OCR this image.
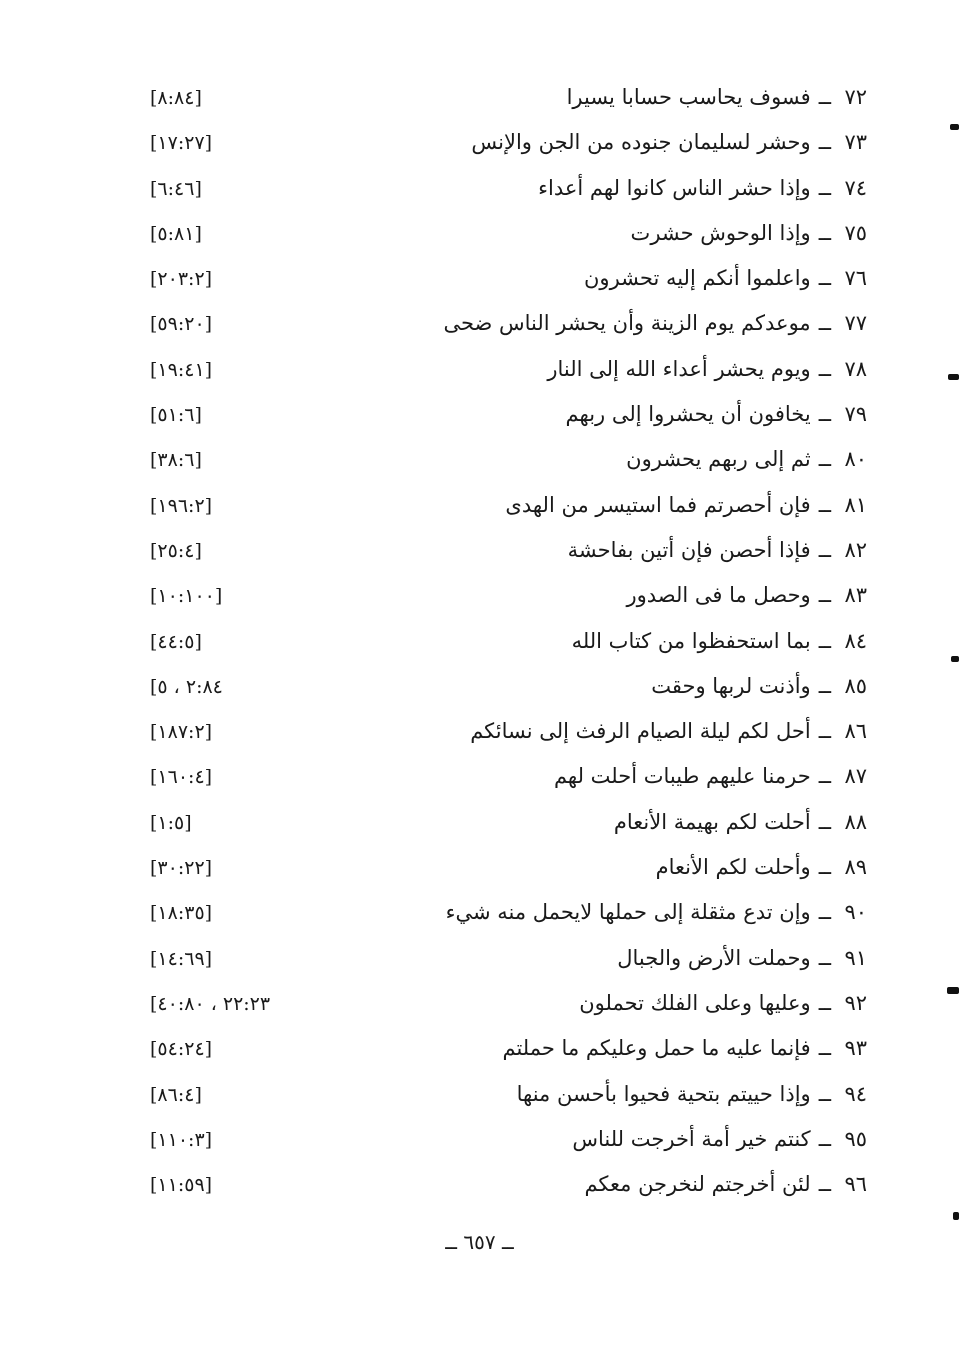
٧٢ــفسوف يحاسب حسابا يسيرا
[٨:٨٤]
٧٣ــوحشر لسليمان جنوده من الجن والإنس
[١٧:٢٧]
٧٤ــوإذا حشر الناس كانوا لهم أعداء
[٦:٤٦]
٧٥ــوإذا الوحوش حشرت
[٥:٨١]
٧٦ــواعلموا أنكم إليه تحشرون
[٢٠٣:٢]
٧٧ــموعدكم يوم الزينة وأن يحشر الناس ضحى
[٥٩:٢٠]
٧٨ــويوم يحشر أعداء الله إلى النار
[١٩:٤١]
٧٩ــيخافون أن يحشروا إلى ربهم
[٥١:٦]
٨٠ــثم إلى ربهم يحشرون
[٣٨:٦]
٨١ــفإن أحصرتم فما استيسر من الهدى
[١٩٦:٢]
٨٢ــفإذا أحصن فإن أتين بفاحشة
[٢٥:٤]
٨٣ــوحصل ما فى الصدور
[١٠:١٠٠]
٨٤ــبما استحفظوا من كتاب الله
[٤٤:٥]
٨٥ــوأذنت لربها وحقت
[٢:٨٤ ، ٥
٨٦ــأحل لكم ليلة الصيام الرفث إلى نسائكم
[١٨٧:٢]
٨٧ــحرمنا عليهم طيبات أحلت لهم
[١٦٠:٤]
٨٨ــأحلت لكم بهيمة الأنعام
[١:٥]
٨٩ــوأحلت لكم الأنعام
[٣٠:٢٢]
٩٠ــوإن تدع مثقلة إلى حملها لايحمل منه شيء
[١٨:٣٥]
٩١ــوحملت الأرض والجبال
[١٤:٦٩]
٩٢ــوعليها وعلى الفلك تحملون
[٢٢:٢٣ ، ٤٠:٨٠
٩٣ــفإنما عليه ما حمل وعليكم ما حملتم
[٥٤:٢٤]
٩٤ــوإذا حييتم بتحية فحيوا بأحسن منها
[٨٦:٤]
٩٥ــكنتم خير أمة أخرجت للناس
[١١٠:٣]
٩٦ــلئن أخرجتم لنخرجن معكم
[١١:٥٩]
ــ ٦٥٧ ــ
